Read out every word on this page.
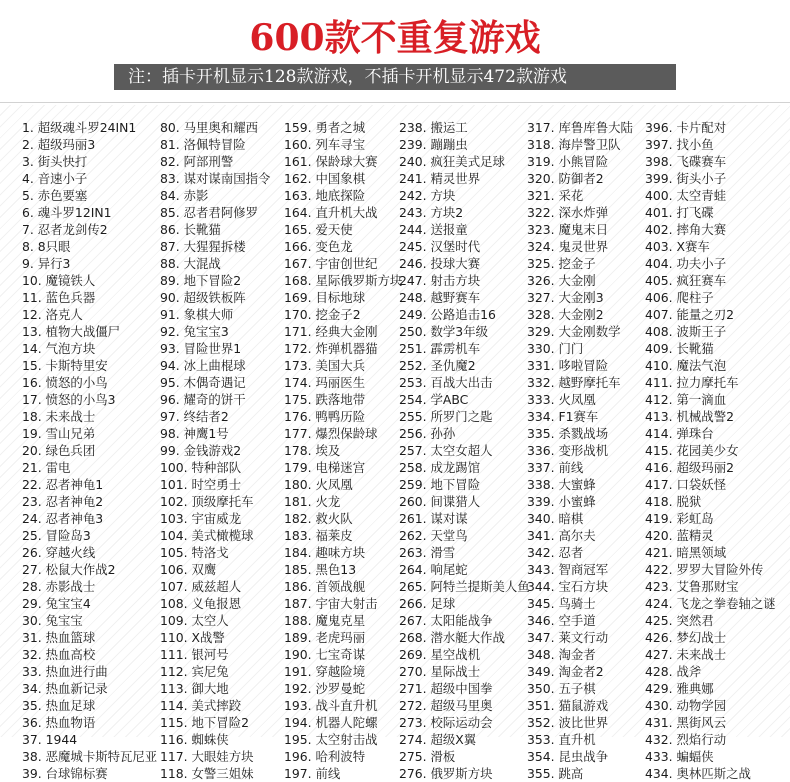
600款不重复游戏
注：插卡开机显示128款游戏，不插卡开机显示472款游戏
1. 超级魂斗罗24IN1
2. 超级玛丽3
3. 街头快打
4. 音速小子
5. 赤色要塞
6. 魂斗罗12IN1
7. 忍者龙剑传2
8. 8只眼
9. 异行3
10. 魔镜铁人
11. 蓝色兵器
12. 洛克人
13. 植物大战僵尸
14. 气泡方块
15. 卡斯特里安
16. 愤怒的小鸟
17. 愤怒的小鸟3
18. 未来战士
19. 雪山兄弟
20. 绿色兵团
21. 雷电
22. 忍者神龟1
23. 忍者神龟2
24. 忍者神龟3
25. 冒险岛3
26. 穿越火线
27. 松鼠大作战2
28. 赤影战士
29. 兔宝宝4
30. 兔宝宝
31. 热血篮球
32. 热血高校
33. 热血进行曲
34. 热血新记录
35. 热血足球
36. 热血物语
37. 1944
38. 恶魔城卡斯特瓦尼亚
39. 台球锦标赛
80. 马里奥和耀西
81. 洛佩特冒险
82. 阿部刑警
83. 谋对谋南国指令
84. 赤影
85. 忍者君阿修罗
86. 长靴猫
87. 大猩猩拆楼
88. 大混战
89. 地下冒险2
90. 超级铁板阵
91. 象棋大师
92. 兔宝宝3
93. 冒险世界1
94. 冰上曲棍球
95. 木偶奇遇记
96. 耀奇的饼干
97. 终结者2
98. 神鹰1号
99. 金钱游戏2
100. 特种部队
101. 时空勇士
102. 顶级摩托车
103. 宇宙威龙
104. 美式橄榄球
105. 特洛戈
106. 双鹰
107. 威兹超人
108. 义龟报恩
109. 太空人
110. X战警
111. 银河号
112. 宾尼兔
113. 御大地
114. 美式摔跤
115. 地下冒险2
116. 蜘蛛侠
117. 大眼娃方块
118. 女警三姐妹
159. 勇者之城
160. 列车寻宝
161. 保龄球大赛
162. 中国象棋
163. 地底探险
164. 直升机大战
165. 爱天使
166. 变色龙
167. 宇宙创世纪
168. 星际俄罗斯方块
169. 目标地球
170. 挖金子2
171. 经典大金刚
172. 炸弹机器猫
173. 美国大兵
174. 玛丽医生
175. 跌落地带
176. 鸭鸭历险
177. 爆烈保龄球
178. 埃及
179. 电梯迷宫
180. 火凤凰
181. 火龙
182. 救火队
183. 福莱皮
184. 趣味方块
185. 黑色13
186. 首领战舰
187. 宇宙大射击
188. 魔鬼克星
189. 老虎玛丽
190. 七宝奇谋
191. 穿越险境
192. 沙罗曼蛇
193. 战斗直升机
194. 机器人陀螺
195. 太空射击战
196. 哈利波特
197. 前线
238. 搬运工
239. 蹦蹦虫
240. 疯狂美式足球
241. 精灵世界
242. 方块
243. 方块2
244. 送报童
245. 汉堡时代
246. 投球大赛
247. 射击方块
248. 越野赛车
249. 公路追击16
250. 数学3年级
251. 霹雳机车
252. 圣仇魔2
253. 百战大出击
254. 学ABC
255. 所罗门之匙
256. 孙孙
257. 太空女超人
258. 成龙踢馆
259. 地下冒险
260. 间谍猎人
261. 谋对谋
262. 天堂鸟
263. 滑雪
264. 响尾蛇
265. 阿特兰提斯美人鱼
266. 足球
267. 太阳能战争
268. 潜水艇大作战
269. 星空战机
270. 星际战士
271. 超级中国拳
272. 超级马里奥
273. 校际运动会
274. 超级X翼
275. 滑板
276. 俄罗斯方块
317. 库鲁库鲁大陆
318. 海岸警卫队
319. 小熊冒险
320. 防御者2
321. 采花
322. 深水炸弹
323. 魔鬼末日
324. 鬼灵世界
325. 挖金子
326. 大金刚
327. 大金刚3
328. 大金刚2
329. 大金刚数学
330. 门门
331. 哆啦冒险
332. 越野摩托车
333. 火凤凰
334. F1赛车
335. 杀戮战场
336. 变形战机
337. 前线
338. 大蜜蜂
339. 小蜜蜂
340. 暗棋
341. 高尔夫
342. 忍者
343. 智商冠军
344. 宝石方块
345. 鸟骑士
346. 空手道
347. 莱文行动
348. 淘金者
349. 淘金者2
350. 五子棋
351. 猫鼠游戏
352. 波比世界
353. 直升机
354. 昆虫战争
355. 跳高
396. 卡片配对
397. 找小鱼
398. 飞碟赛车
399. 街头小子
400. 太空青蛙
401. 打飞碟
402. 摔角大赛
403. X赛车
404. 功夫小子
405. 疯狂赛车
406. 爬柱子
407. 能量之刃2
408. 波斯王子
409. 长靴猫
410. 魔法气泡
411. 拉力摩托车
412. 第一滴血
413. 机械战警2
414. 弹珠台
415. 花园美少女
416. 超级玛丽2
417. 口袋妖怪
418. 脱狱
419. 彩虹岛
420. 蓝精灵
421. 暗黑领域
422. 罗罗大冒险外传
423. 艾鲁那财宝
424. 飞龙之拳卷轴之谜
425. 突然君
426. 梦幻战士
427. 未来战士
428. 战斧
429. 雅典娜
430. 动物学园
431. 黑街风云
432. 烈焰行动
433. 蝙蝠侠
434. 奥林匹斯之战
